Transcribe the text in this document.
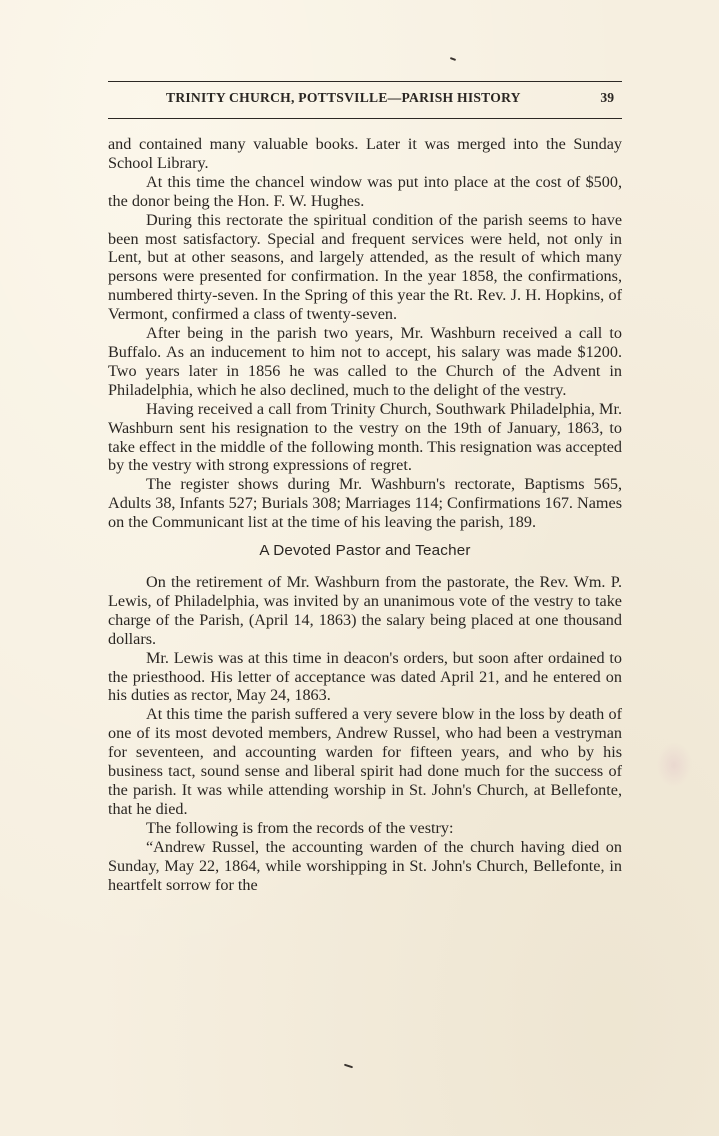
TRINITY CHURCH, POTTSVILLE—PARISH HISTORY	39

and contained many valuable books. Later it was merged into the Sunday School Library.

At this time the chancel window was put into place at the cost of $500, the donor being the Hon. F. W. Hughes.

During this rectorate the spiritual condition of the parish seems to have been most satisfactory. Special and frequent services were held, not only in Lent, but at other seasons, and largely attended, as the result of which many persons were presented for confirmation. In the year 1858, the confirmations, numbered thirty-seven. In the Spring of this year the Rt. Rev. J. H. Hopkins, of Vermont, confirmed a class of twenty-seven.

After being in the parish two years, Mr. Washburn received a call to Buffalo. As an inducement to him not to accept, his salary was made $1200. Two years later in 1856 he was called to the Church of the Advent in Philadelphia, which he also declined, much to the delight of the vestry.

Having received a call from Trinity Church, Southwark Philadelphia, Mr. Washburn sent his resignation to the vestry on the 19th of January, 1863, to take effect in the middle of the following month. This resignation was accepted by the vestry with strong expressions of regret.

The register shows during Mr. Washburn's rectorate, Baptisms 565, Adults 38, Infants 527; Burials 308; Marriages 114; Confirmations 167. Names on the Communicant list at the time of his leaving the parish, 189.

A Devoted Pastor and Teacher

On the retirement of Mr. Washburn from the pastorate, the Rev. Wm. P. Lewis, of Philadelphia, was invited by an unanimous vote of the vestry to take charge of the Parish, (April 14, 1863) the salary being placed at one thousand dollars.

Mr. Lewis was at this time in deacon's orders, but soon after ordained to the priesthood. His letter of acceptance was dated April 21, and he entered on his duties as rector, May 24, 1863.

At this time the parish suffered a very severe blow in the loss by death of one of its most devoted members, Andrew Russel, who had been a vestryman for seventeen, and accounting warden for fifteen years, and who by his business tact, sound sense and liberal spirit had done much for the success of the parish. It was while attending worship in St. John's Church, at Bellefonte, that he died.

The following is from the records of the vestry:

“Andrew Russel, the accounting warden of the church having died on Sunday, May 22, 1864, while worshipping in St. John's Church, Bellefonte, in heartfelt sorrow for the
